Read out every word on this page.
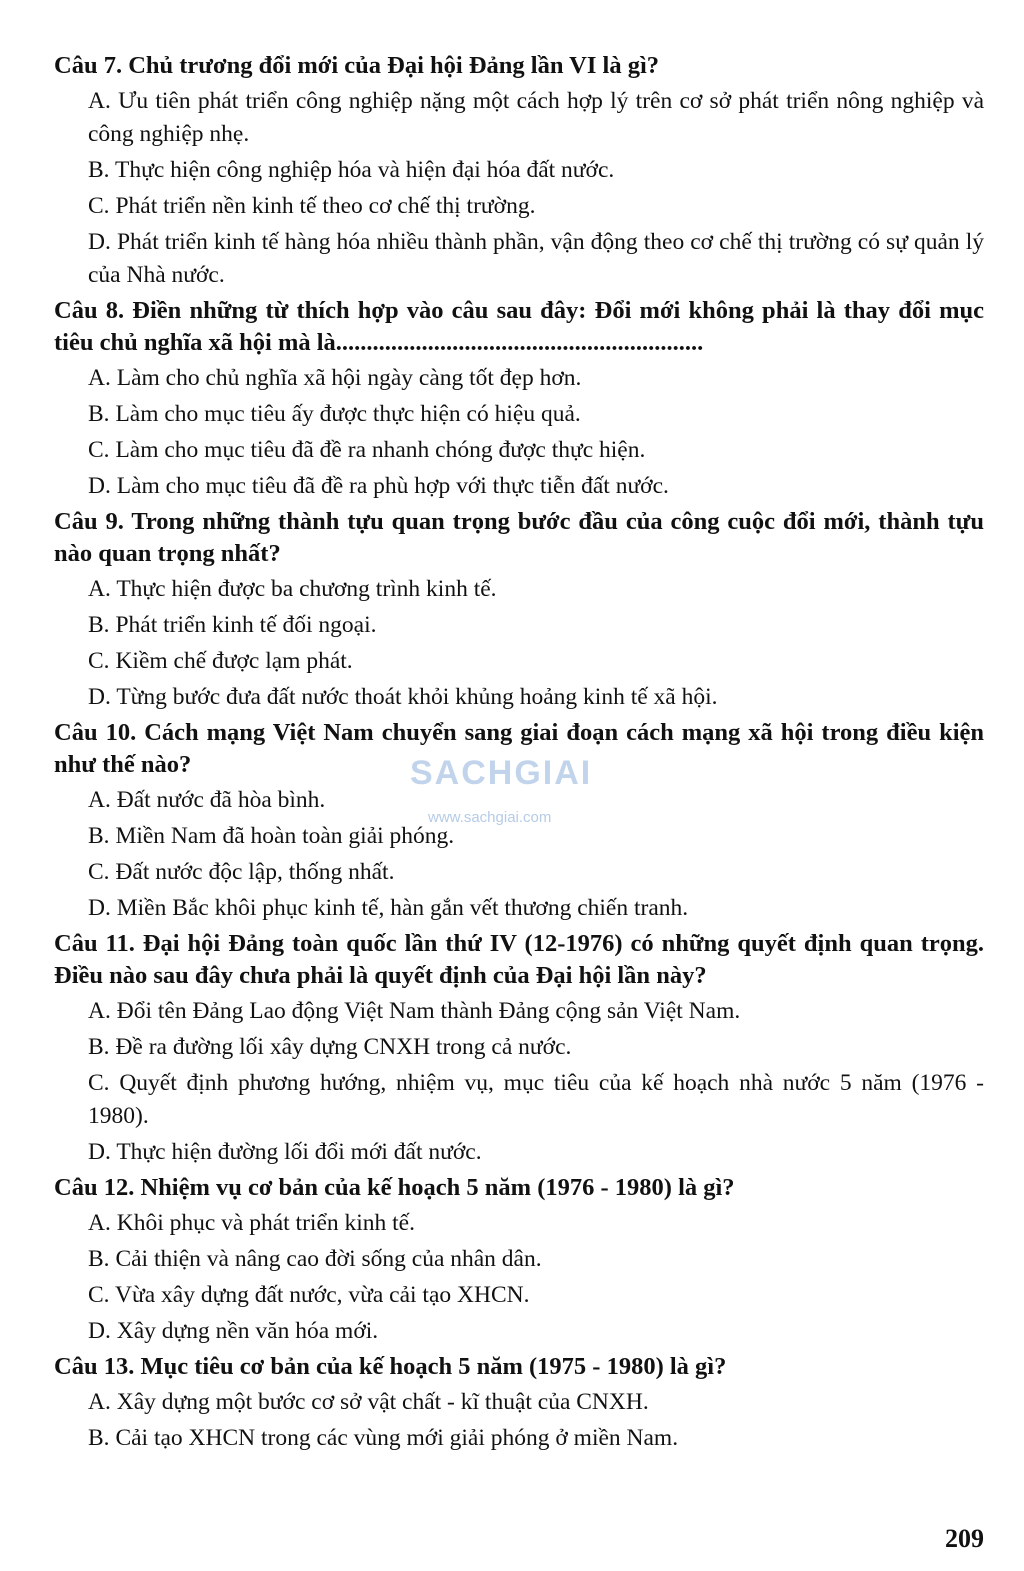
Câu 7. Chủ trương đổi mới của Đại hội Đảng lần VI là gì?

A. Ưu tiên phát triển công nghiệp nặng một cách hợp lý trên cơ sở phát triển nông nghiệp và công nghiệp nhẹ.
B. Thực hiện công nghiệp hóa và hiện đại hóa đất nước.
C. Phát triển nền kinh tế theo cơ chế thị trường.
D. Phát triển kinh tế hàng hóa nhiều thành phần, vận động theo cơ chế thị trường có sự quản lý của Nhà nước.

Câu 8. Điền những từ thích hợp vào câu sau đây: Đổi mới không phải là thay đổi mục tiêu chủ nghĩa xã hội mà là............................................................

A. Làm cho chủ nghĩa xã hội ngày càng tốt đẹp hơn.
B. Làm cho mục tiêu ấy được thực hiện có hiệu quả.
C. Làm cho mục tiêu đã đề ra nhanh chóng được thực hiện.
D. Làm cho mục tiêu đã đề ra phù hợp với thực tiễn đất nước.

Câu 9. Trong những thành tựu quan trọng bước đầu của công cuộc đổi mới, thành tựu nào quan trọng nhất?

A. Thực hiện được ba chương trình kinh tế.
B. Phát triển kinh tế đối ngoại.
C. Kiềm chế được lạm phát.
D. Từng bước đưa đất nước thoát khỏi khủng hoảng kinh tế xã hội.

Câu 10. Cách mạng Việt Nam chuyển sang giai đoạn cách mạng xã hội trong điều kiện như thế nào?

A. Đất nước đã hòa bình.
B. Miền Nam đã hoàn toàn giải phóng.
C. Đất nước độc lập, thống nhất.
D. Miền Bắc khôi phục kinh tế, hàn gắn vết thương chiến tranh.

Câu 11. Đại hội Đảng toàn quốc lần thứ IV (12-1976) có những quyết định quan trọng. Điều nào sau đây chưa phải là quyết định của Đại hội lần này?

A. Đổi tên Đảng Lao động Việt Nam thành Đảng cộng sản Việt Nam.
B. Đề ra đường lối xây dựng CNXH trong cả nước.
C. Quyết định phương hướng, nhiệm vụ, mục tiêu của kế hoạch nhà nước 5 năm (1976 - 1980).
D. Thực hiện đường lối đổi mới đất nước.

Câu 12. Nhiệm vụ cơ bản của kế hoạch 5 năm (1976 - 1980) là gì?

A. Khôi phục và phát triển kinh tế.
B. Cải thiện và nâng cao đời sống của nhân dân.
C. Vừa xây dựng đất nước, vừa cải tạo XHCN.
D. Xây dựng nền văn hóa mới.

Câu 13. Mục tiêu cơ bản của kế hoạch 5 năm (1975 - 1980) là gì?

A. Xây dựng một bước cơ sở vật chất - kĩ thuật của CNXH.
B. Cải tạo XHCN trong các vùng mới giải phóng ở miền Nam.
SACHGIAI
www.sachgiai.com
209
